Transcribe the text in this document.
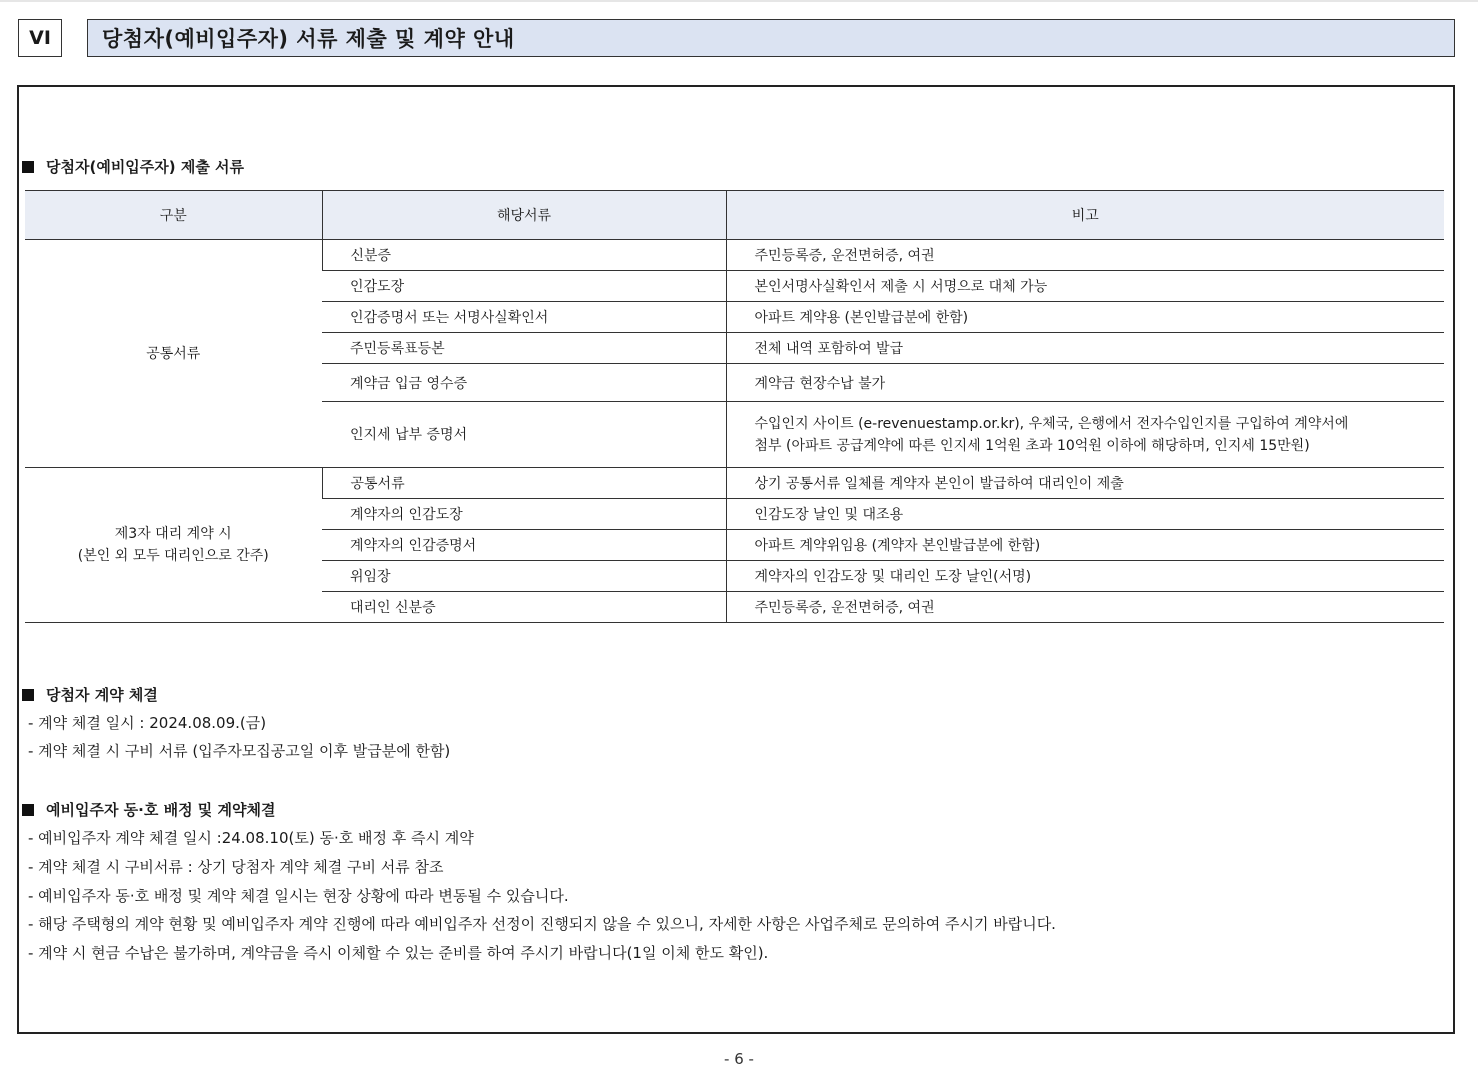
VI	당첨자(예비입주자) 서류 제출 및 계약 안내
당첨자(예비입주자) 제출 서류
구분	해당서류	비고
공통서류	신분증	주민등록증, 운전면허증, 여권
	인감도장	본인서명사실확인서 제출 시 서명으로 대체 가능
	인감증명서 또는 서명사실확인서	아파트 계약용 (본인발급분에 한함)
	주민등록표등본	전체 내역 포함하여 발급
	계약금 입금 영수증	계약금 현장수납 불가
	인지세 납부 증명서	수입인지 사이트 (e-revenuestamp.or.kr), 우체국, 은행에서 전자수입인지를 구입하여 계약서에
첨부 (아파트 공급계약에 따른 인지세 1억원 초과 10억원 이하에 해당하며, 인지세 15만원)

제3자 대리 계약 시
(본인 외 모두 대리인으로 간주)	공통서류	상기 공통서류 일체를 계약자 본인이 발급하여 대리인이 제출
	계약자의 인감도장	인감도장 날인 및 대조용
	계약자의 인감증명서	아파트 계약위임용 (계약자 본인발급분에 한함)
	위임장	계약자의 인감도장 및 대리인 도장 날인(서명)
	대리인 신분증	주민등록증, 운전면허증, 여권
당첨자 계약 체결
- 계약 체결 일시 : 2024.08.09.(금)
- 계약 체결 시 구비 서류 (입주자모집공고일 이후 발급분에 한함)
예비입주자 동·호 배정 및 계약체결
- 예비입주자 계약 체결 일시 :24.08.10(토) 동·호 배정 후 즉시 계약
- 계약 체결 시 구비서류 : 상기 당첨자 계약 체결 구비 서류 참조
- 예비입주자 동·호 배정 및 계약 체결 일시는 현장 상황에 따라 변동될 수 있습니다.
- 해당 주택형의 계약 현황 및 예비입주자 계약 진행에 따라 예비입주자 선정이 진행되지 않을 수 있으니, 자세한 사항은 사업주체로 문의하여 주시기 바랍니다.
- 계약 시 현금 수납은 불가하며, 계약금을 즉시 이체할 수 있는 준비를 하여 주시기 바랍니다(1일 이체 한도 확인).
- 6 -
